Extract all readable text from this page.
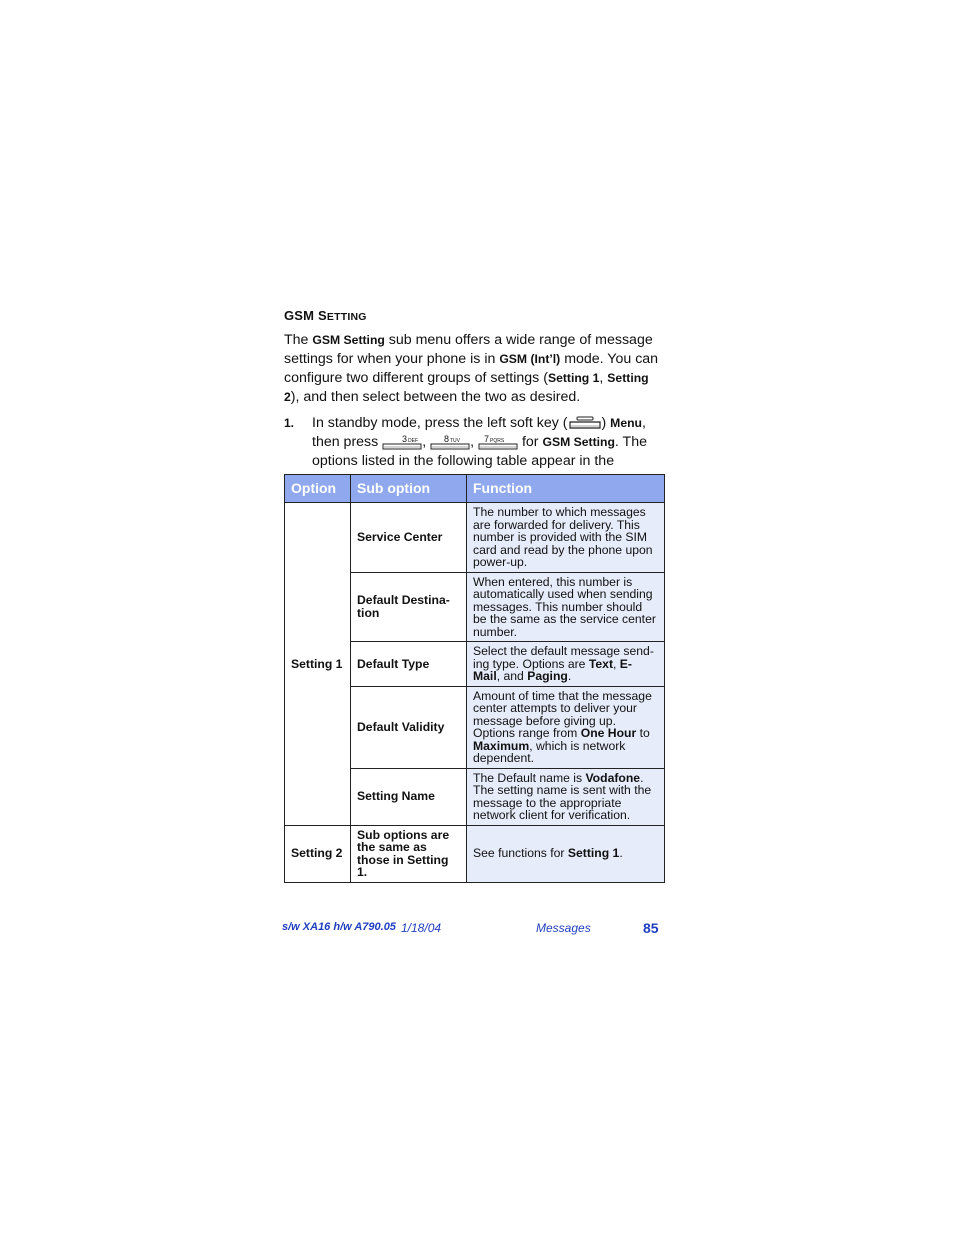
GSM SETTING
The GSM Setting sub menu offers a wide range of message settings for when your phone is in GSM (Int’l) mode. You can configure two different groups of settings (Setting 1, Setting 2), and then select between the two as desired.
1. In standby mode, press the left soft key ( ) Menu, then press 3 DEF , 8 TUV , 7 PQRS for GSM Setting. The options listed in the following table appear in the
Option	Sub option	Function
Setting 1	Service Center	The number to which messages are forwarded for delivery. This number is provided with the SIM card and read by the phone upon power-up.
	Default Destina-tion	When entered, this number is automatically used when sending messages. This number should be the same as the service center number.
	Default Type	Select the default message send-ing type. Options are Text, E-Mail, and Paging.
	Default Validity	Amount of time that the message center attempts to deliver your message before giving up. Options range from One Hour to Maximum, which is network dependent.
	Setting Name	The Default name is Vodafone. The setting name is sent with the message to the appropriate network client for verification.
Setting 2	Sub options are the same as those in Setting 1.	See functions for Setting 1.
s/w XA16 h/w A790.05 1/18/04	Messages	85
